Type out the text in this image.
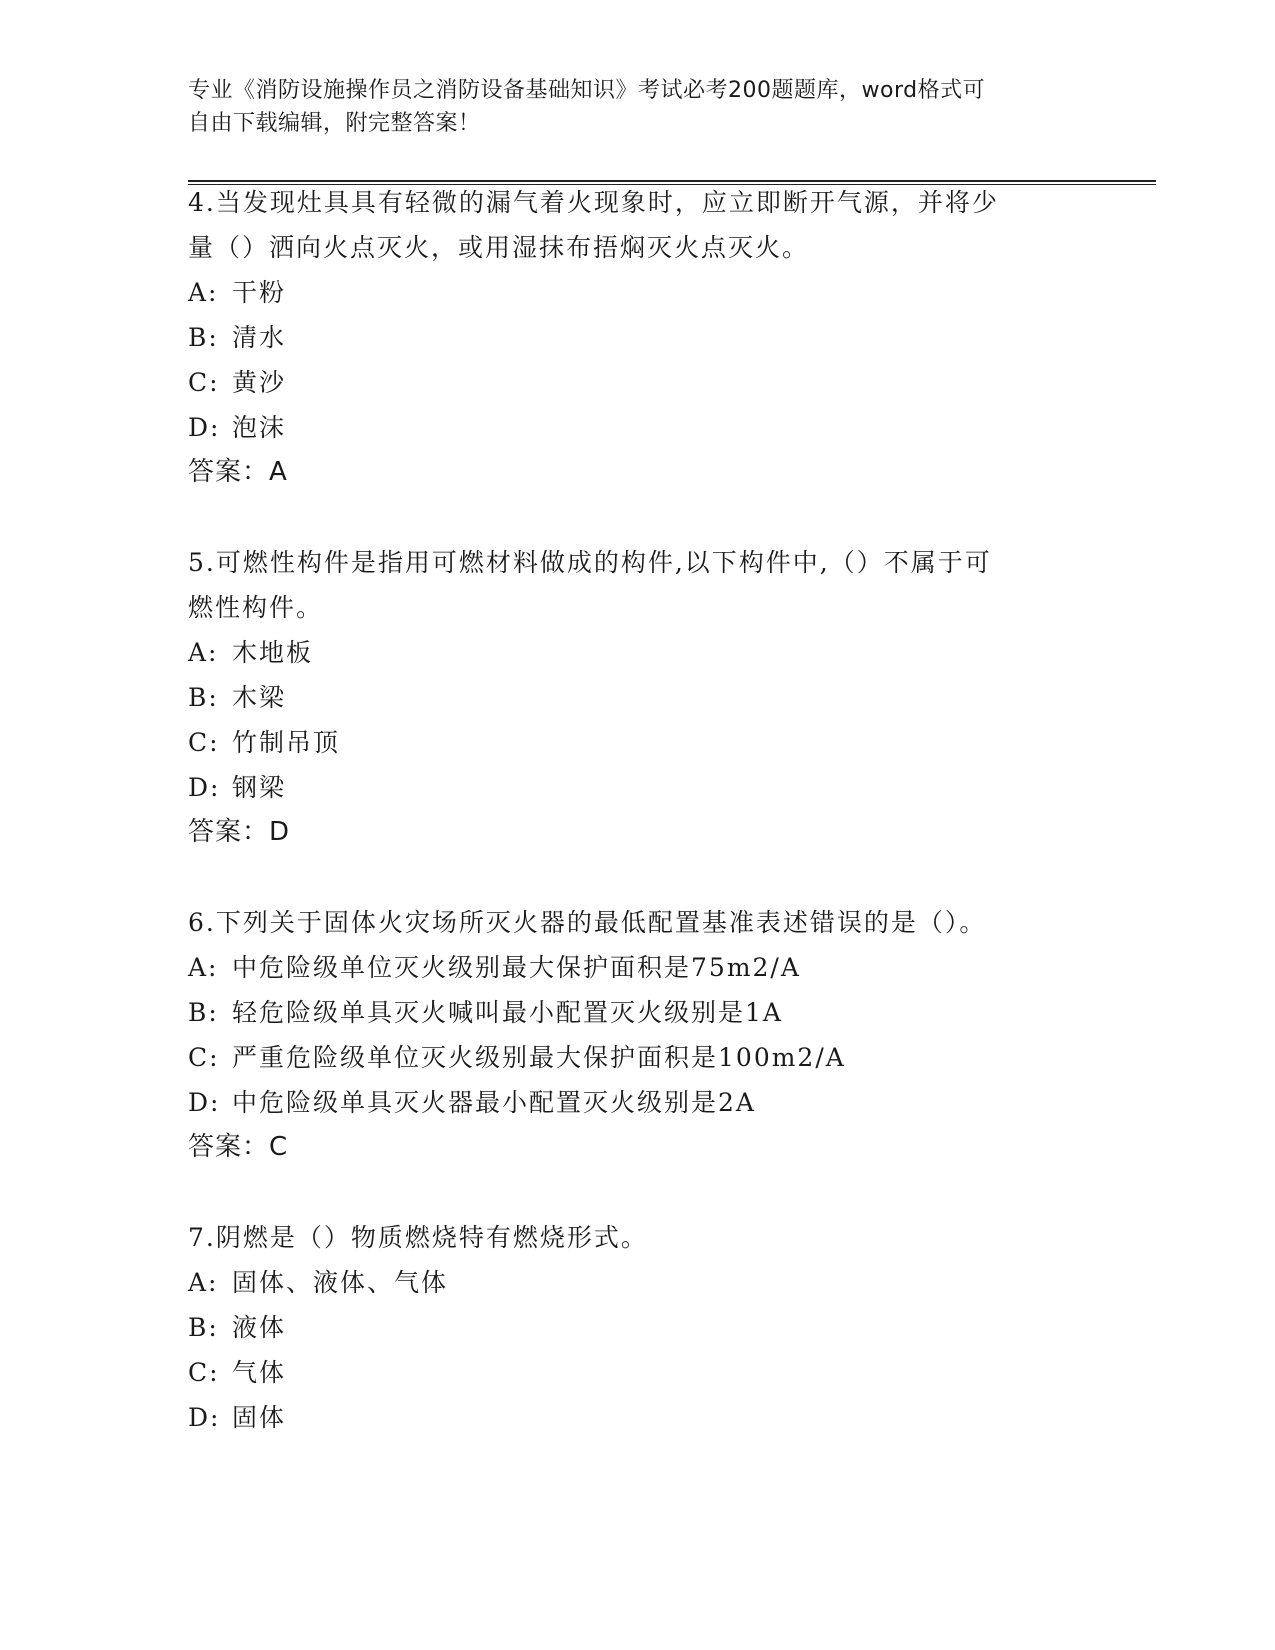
专业《消防设施操作员之消防设备基础知识》考试必考200题题库，word格式可
自由下载编辑，附完整答案！

4.当发现灶具具有轻微的漏气着火现象时，应立即断开气源，并将少

量（）洒向火点灭火，或用湿抹布捂焖灭火点灭火。

A: 干粉

B: 清水

C: 黄沙

D: 泡沫

答案：A

5.可燃性构件是指用可燃材料做成的构件,以下构件中,（）不属于可

燃性构件。

A: 木地板

B: 木梁

C: 竹制吊顶

D: 钢梁

答案：D

6.下列关于固体火灾场所灭火器的最低配置基准表述错误的是（）。

A: 中危险级单位灭火级别最大保护面积是75m2/A

B: 轻危险级单具灭火喊叫最小配置灭火级别是1A

C: 严重危险级单位灭火级别最大保护面积是100m2/A

D: 中危险级单具灭火器最小配置灭火级别是2A

答案：C

7.阴燃是（）物质燃烧特有燃烧形式。

A: 固体、液体、气体

B: 液体

C: 气体

D: 固体
